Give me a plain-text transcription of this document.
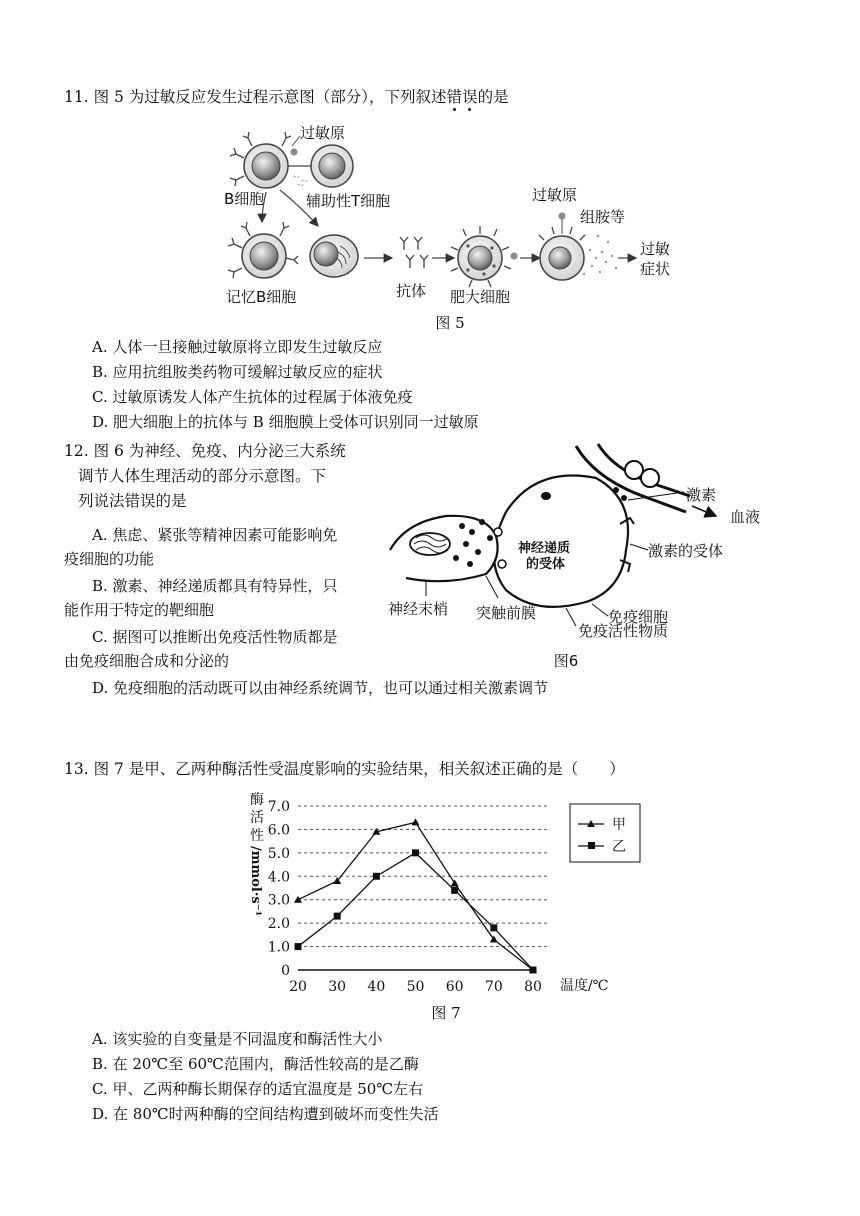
11. 图 5 为过敏反应发生过程示意图（部分），下列叙述错误的是
过敏原
B细胞	辅助性T细胞	过敏原
组胺等
过敏
症状
记忆B细胞	抗体 肥大细胞
图 5
A. 人体一旦接触过敏原将立即发生过敏反应
B. 应用抗组胺类药物可缓解过敏反应的症状
C. 过敏原诱发人体产生抗体的过程属于体液免疫
D. 肥大细胞上的抗体与 B 细胞膜上受体可识别同一过敏原
12. 图 6 为神经、免疫、内分泌三大系统
调节人体生理活动的部分示意图。下
列说法错误的是
A. 焦虑、紧张等精神因素可能影响免
疫细胞的功能
B. 激素、神经递质都具有特异性，只
能作用于特定的靶细胞
C. 据图可以推断出免疫活性物质都是
由免疫细胞合成和分泌的
D. 免疫细胞的活动既可以由神经系统调节，也可以通过相关激素调节
激素
血液
神经递质
的受体
激素的受体
免疫细胞
神经末梢 突触前膜
免疫活性物质
图6
13. 图 7 是甲、乙两种酶活性受温度影响的实验结果，相关叙述正确的是（　　）
0
1.0
2.0
3.0
4.0
5.0
6.0
7.0
20 30 40 50 60 70 80
酶
活
性
/mmol·s⁻¹
温度/℃
甲
乙
图 7
A. 该实验的自变量是不同温度和酶活性大小
B. 在 20℃至 60℃范围内，酶活性较高的是乙酶
C. 甲、乙两种酶长期保存的适宜温度是 50℃左右
D. 在 80℃时两种酶的空间结构遭到破坏而变性失活
